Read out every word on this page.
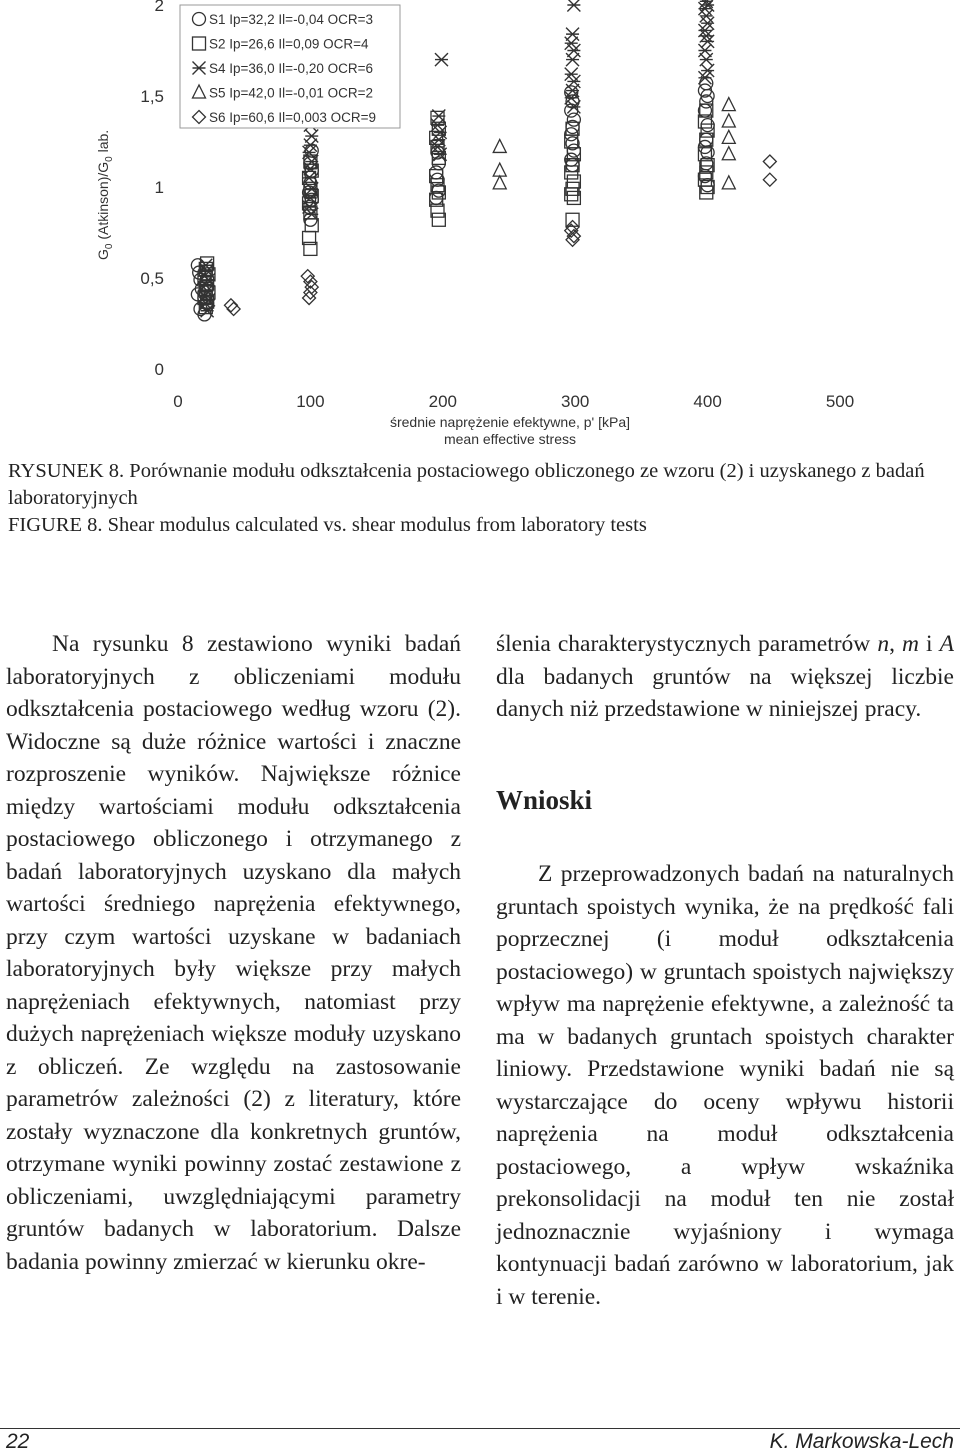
0	100	200	300	400	500
0
0,5
1
1,5
2
S1 Ip=32,2 Il=-0,04 OCR=3
S2 Ip=26,6 Il=0,09 OCR=4
S4 Ip=36,0 Il=-0,20 OCR=6
S5 Ip=42,0 Il=-0,01 OCR=2
S6 Ip=60,6 Il=0,003 OCR=9
$G_0$ $(Atkinson)/G_0$ lab.
średnie naprężenie efektywne, p' [kPa]
mean effective stress
RYSUNEK 8. Porównanie modułu odkształcenia postaciowego obliczonego ze wzoru (2) i uzyskanego z badań laboratoryjnych
FIGURE 8. Shear modulus calculated vs. shear modulus from laboratory tests

Na rysunku 8 zestawiono wyniki badań laboratoryjnych z obliczeniami modułu odkształcenia postaciowego według wzoru (2). Widoczne są duże różnice wartości i znaczne rozproszenie wyników. Największe różnice między wartościami modułu odkształcenia postaciowego obliczonego i otrzymanego z badań laboratoryjnych uzyskano dla małych wartości średniego naprężenia efektywnego, przy czym wartości uzyskane w badaniach laboratoryjnych były większe przy małych naprężeniach efektywnych, natomiast przy dużych naprężeniach większe moduły uzyskano z obliczeń. Ze względu na zastosowanie parametrów zależności (2) z literatury, które zostały wyznaczone dla konkretnych gruntów, otrzymane wyniki powinny zostać zestawione z obliczeniami, uwzględniającymi parametry gruntów badanych w laboratorium. Dalsze badania powinny zmierzać w kierunku okre-

ślenia charakterystycznych parametrów n, m i A dla badanych gruntów na większej liczbie danych niż przedstawione w niniejszej pracy.

Wnioski

Z przeprowadzonych badań na naturalnych gruntach spoistych wynika, że na prędkość fali poprzecznej (i moduł odkształcenia postaciowego) w gruntach spoistych największy wpływ ma naprężenie efektywne, a zależność ta ma w badanych gruntach spoistych charakter liniowy. Przedstawione wyniki badań nie są wystarczające do oceny wpływu historii naprężenia na moduł odkształcenia postaciowego, a wpływ wskaźnika prekonsolidacji na moduł ten nie został jednoznacznie wyjaśniony i wymaga kontynuacji badań zarówno w laboratorium, jak i w terenie.

22	K. Markowska-Lech
